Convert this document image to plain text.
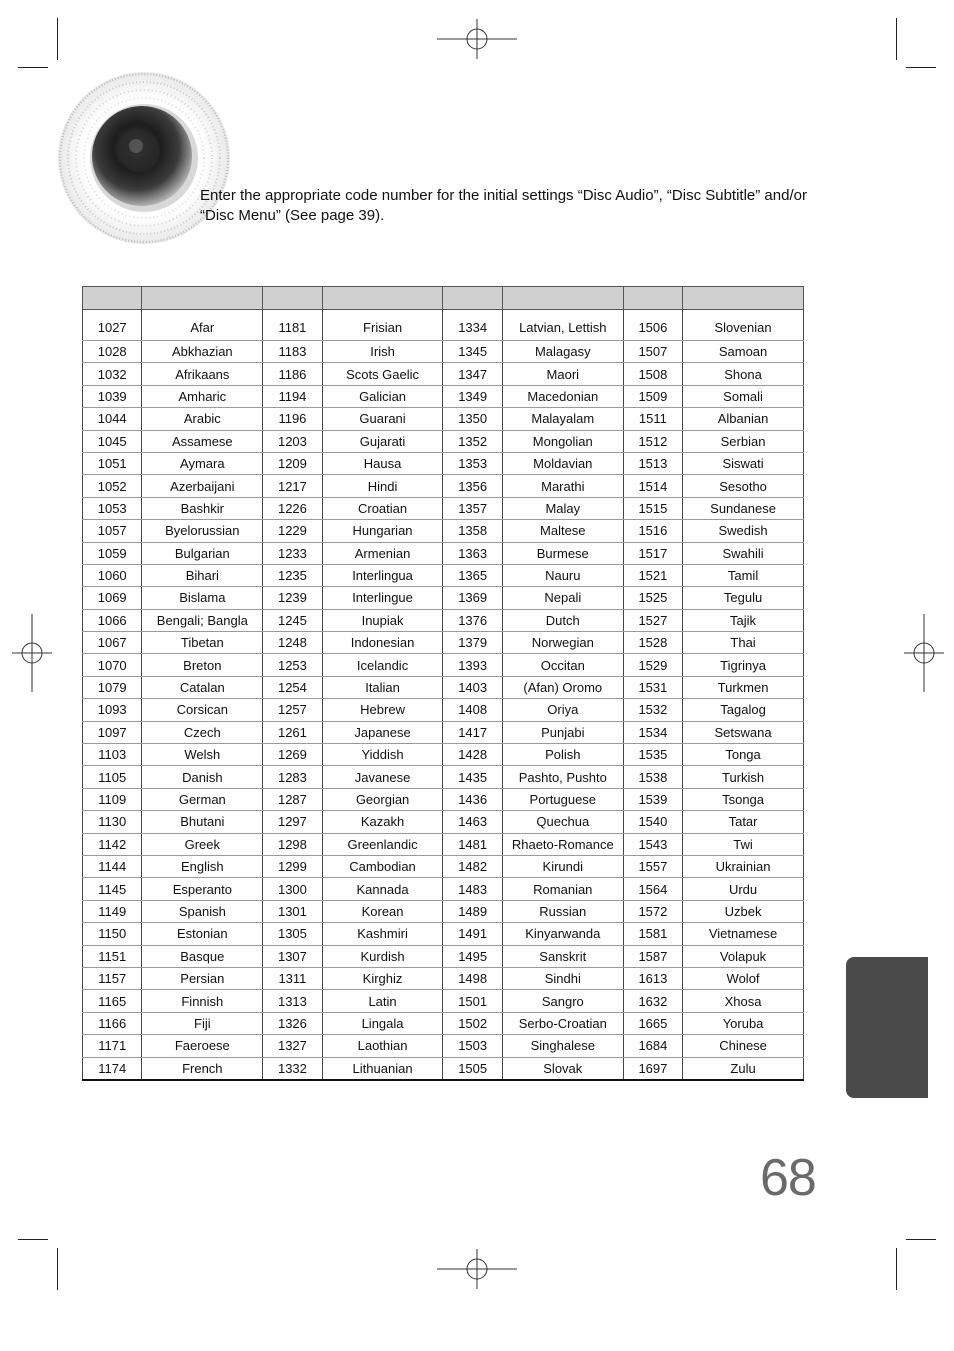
Enter the appropriate code number for the initial settings “Disc Audio”, “Disc Subtitle” and/or “Disc Menu” (See page 39).

1027	Afar	1181	Frisian	1334	Latvian, Lettish	1506	Slovenian
1028	Abkhazian	1183	Irish	1345	Malagasy	1507	Samoan
1032	Afrikaans	1186	Scots Gaelic	1347	Maori	1508	Shona
1039	Amharic	1194	Galician	1349	Macedonian	1509	Somali
1044	Arabic	1196	Guarani	1350	Malayalam	1511	Albanian
1045	Assamese	1203	Gujarati	1352	Mongolian	1512	Serbian
1051	Aymara	1209	Hausa	1353	Moldavian	1513	Siswati
1052	Azerbaijani	1217	Hindi	1356	Marathi	1514	Sesotho
1053	Bashkir	1226	Croatian	1357	Malay	1515	Sundanese
1057	Byelorussian	1229	Hungarian	1358	Maltese	1516	Swedish
1059	Bulgarian	1233	Armenian	1363	Burmese	1517	Swahili
1060	Bihari	1235	Interlingua	1365	Nauru	1521	Tamil
1069	Bislama	1239	Interlingue	1369	Nepali	1525	Tegulu
1066	Bengali; Bangla	1245	Inupiak	1376	Dutch	1527	Tajik
1067	Tibetan	1248	Indonesian	1379	Norwegian	1528	Thai
1070	Breton	1253	Icelandic	1393	Occitan	1529	Tigrinya
1079	Catalan	1254	Italian	1403	(Afan) Oromo	1531	Turkmen
1093	Corsican	1257	Hebrew	1408	Oriya	1532	Tagalog
1097	Czech	1261	Japanese	1417	Punjabi	1534	Setswana
1103	Welsh	1269	Yiddish	1428	Polish	1535	Tonga
1105	Danish	1283	Javanese	1435	Pashto, Pushto	1538	Turkish
1109	German	1287	Georgian	1436	Portuguese	1539	Tsonga
1130	Bhutani	1297	Kazakh	1463	Quechua	1540	Tatar
1142	Greek	1298	Greenlandic	1481	Rhaeto-Romance	1543	Twi
1144	English	1299	Cambodian	1482	Kirundi	1557	Ukrainian
1145	Esperanto	1300	Kannada	1483	Romanian	1564	Urdu
1149	Spanish	1301	Korean	1489	Russian	1572	Uzbek
1150	Estonian	1305	Kashmiri	1491	Kinyarwanda	1581	Vietnamese
1151	Basque	1307	Kurdish	1495	Sanskrit	1587	Volapuk
1157	Persian	1311	Kirghiz	1498	Sindhi	1613	Wolof
1165	Finnish	1313	Latin	1501	Sangro	1632	Xhosa
1166	Fiji	1326	Lingala	1502	Serbo-Croatian	1665	Yoruba
1171	Faeroese	1327	Laothian	1503	Singhalese	1684	Chinese
1174	French	1332	Lithuanian	1505	Slovak	1697	Zulu
68
